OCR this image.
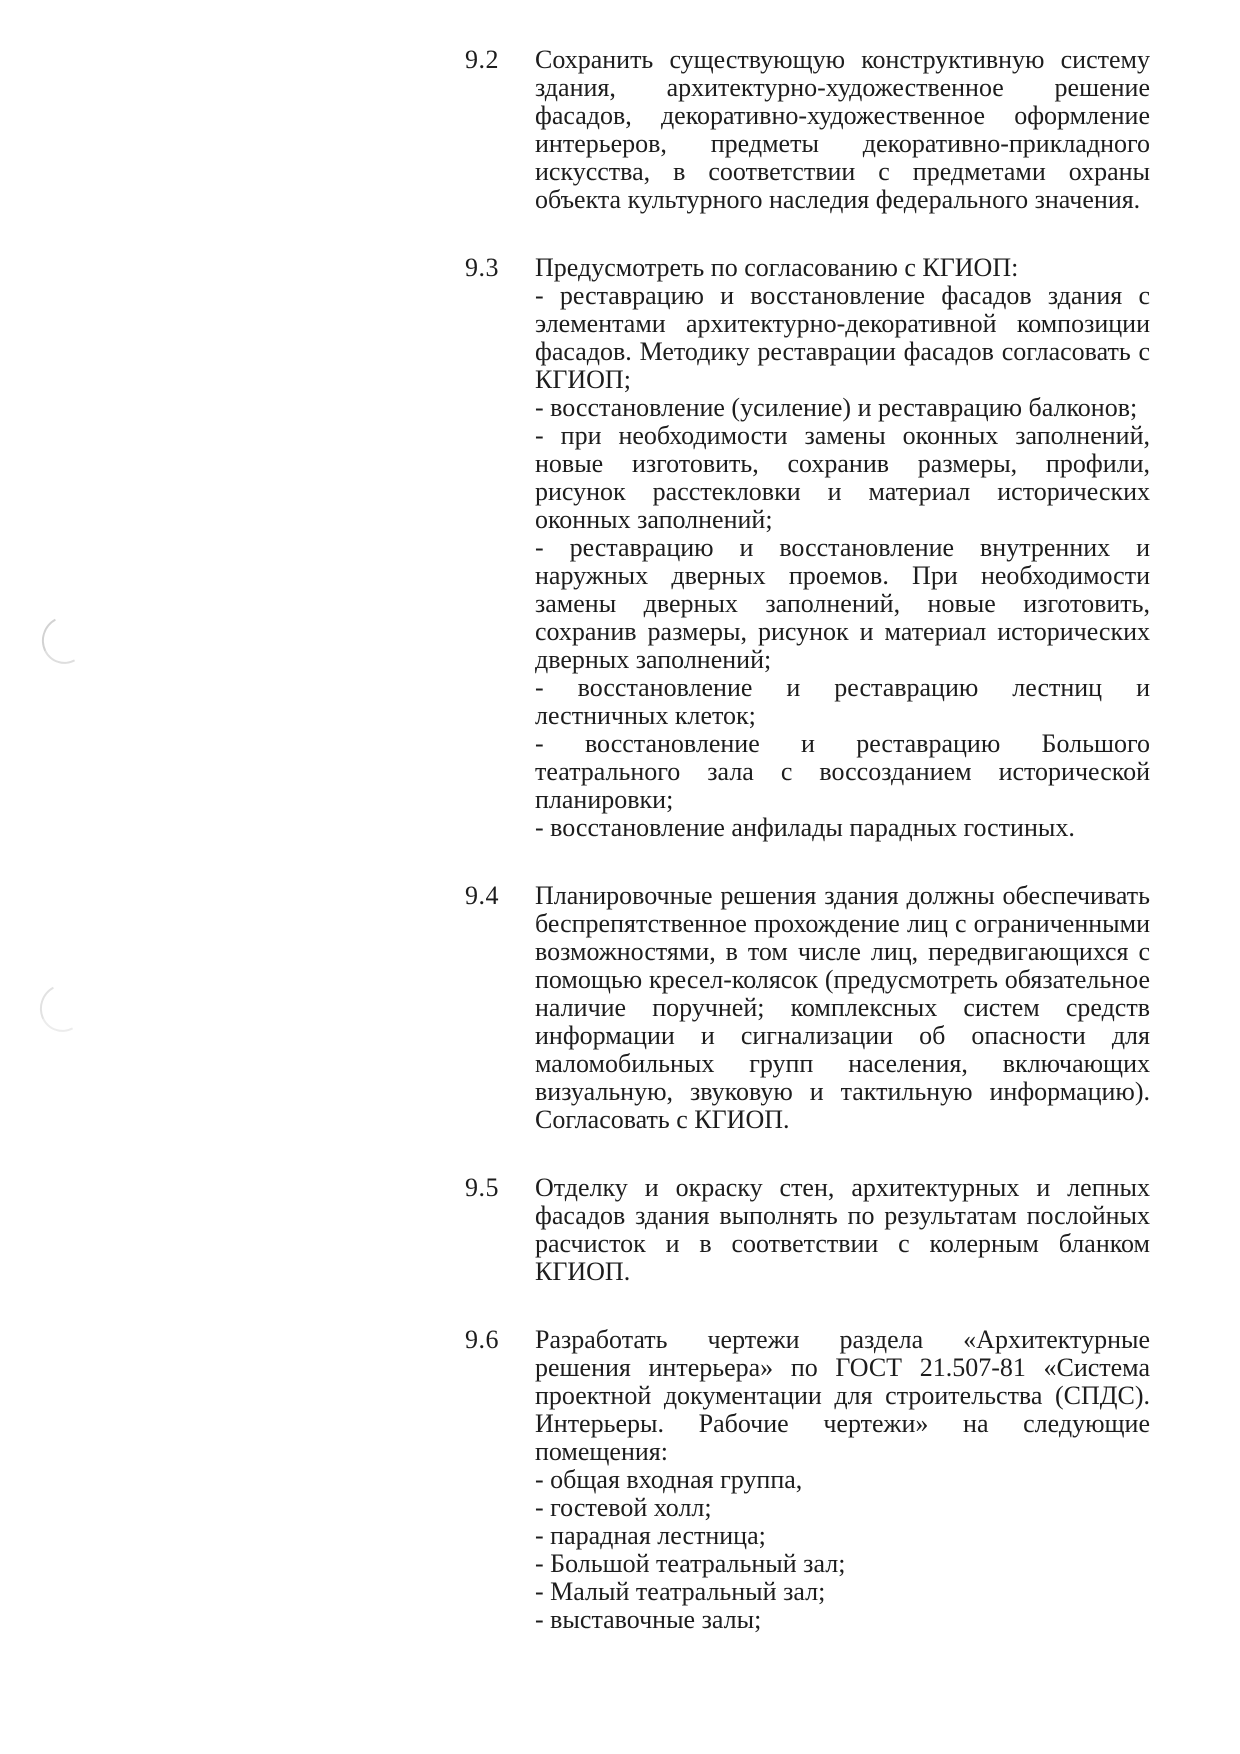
9.2	Сохранить существующую конструктивную систему здания, архитектурно-художественное решение фасадов, декоративно-художественное оформление интерьеров, предметы декоративно-прикладного искусства, в соответствии с предметами охраны объекта культурного наследия федерального значения.

9.3	Предусмотреть по согласованию с КГИОП:

- реставрацию и восстановление фасадов здания с элементами архитектурно-декоративной композиции фасадов. Методику реставрации фасадов согласовать с КГИОП;

- восстановление (усиление) и реставрацию балконов;

- при необходимости замены оконных заполнений, новые изготовить, сохранив размеры, профили, рисунок расстекловки и материал исторических оконных заполнений;

- реставрацию и восстановление внутренних и наружных дверных проемов. При необходимости замены дверных заполнений, новые изготовить, сохранив размеры, рисунок и материал исторических дверных заполнений;

- восстановление и реставрацию лестниц и лестничных клеток;

- восстановление и реставрацию Большого театрального зала с воссозданием исторической планировки;

- восстановление анфилады парадных гостиных.

9.4	Планировочные решения здания должны обеспечивать беспрепятственное прохождение лиц с ограниченными возможностями, в том числе лиц, передвигающихся с помощью кресел-колясок (предусмотреть обязательное наличие поручней; комплексных систем средств информации и сигнализации об опасности для маломобильных групп населения, включающих визуальную, звуковую и тактильную информацию). Согласовать с КГИОП.

9.5	Отделку и окраску стен, архитектурных и лепных фасадов здания выполнять по результатам послойных расчисток и в соответствии с колерным бланком КГИОП.

9.6	Разработать чертежи раздела «Архитектурные решения интерьера» по ГОСТ 21.507-81 «Система проектной документации для строительства (СПДС). Интерьеры. Рабочие чертежи» на следующие помещения:

- общая входная группа,

- гостевой холл;

- парадная лестница;

- Большой театральный зал;

- Малый театральный зал;

- выставочные залы;
